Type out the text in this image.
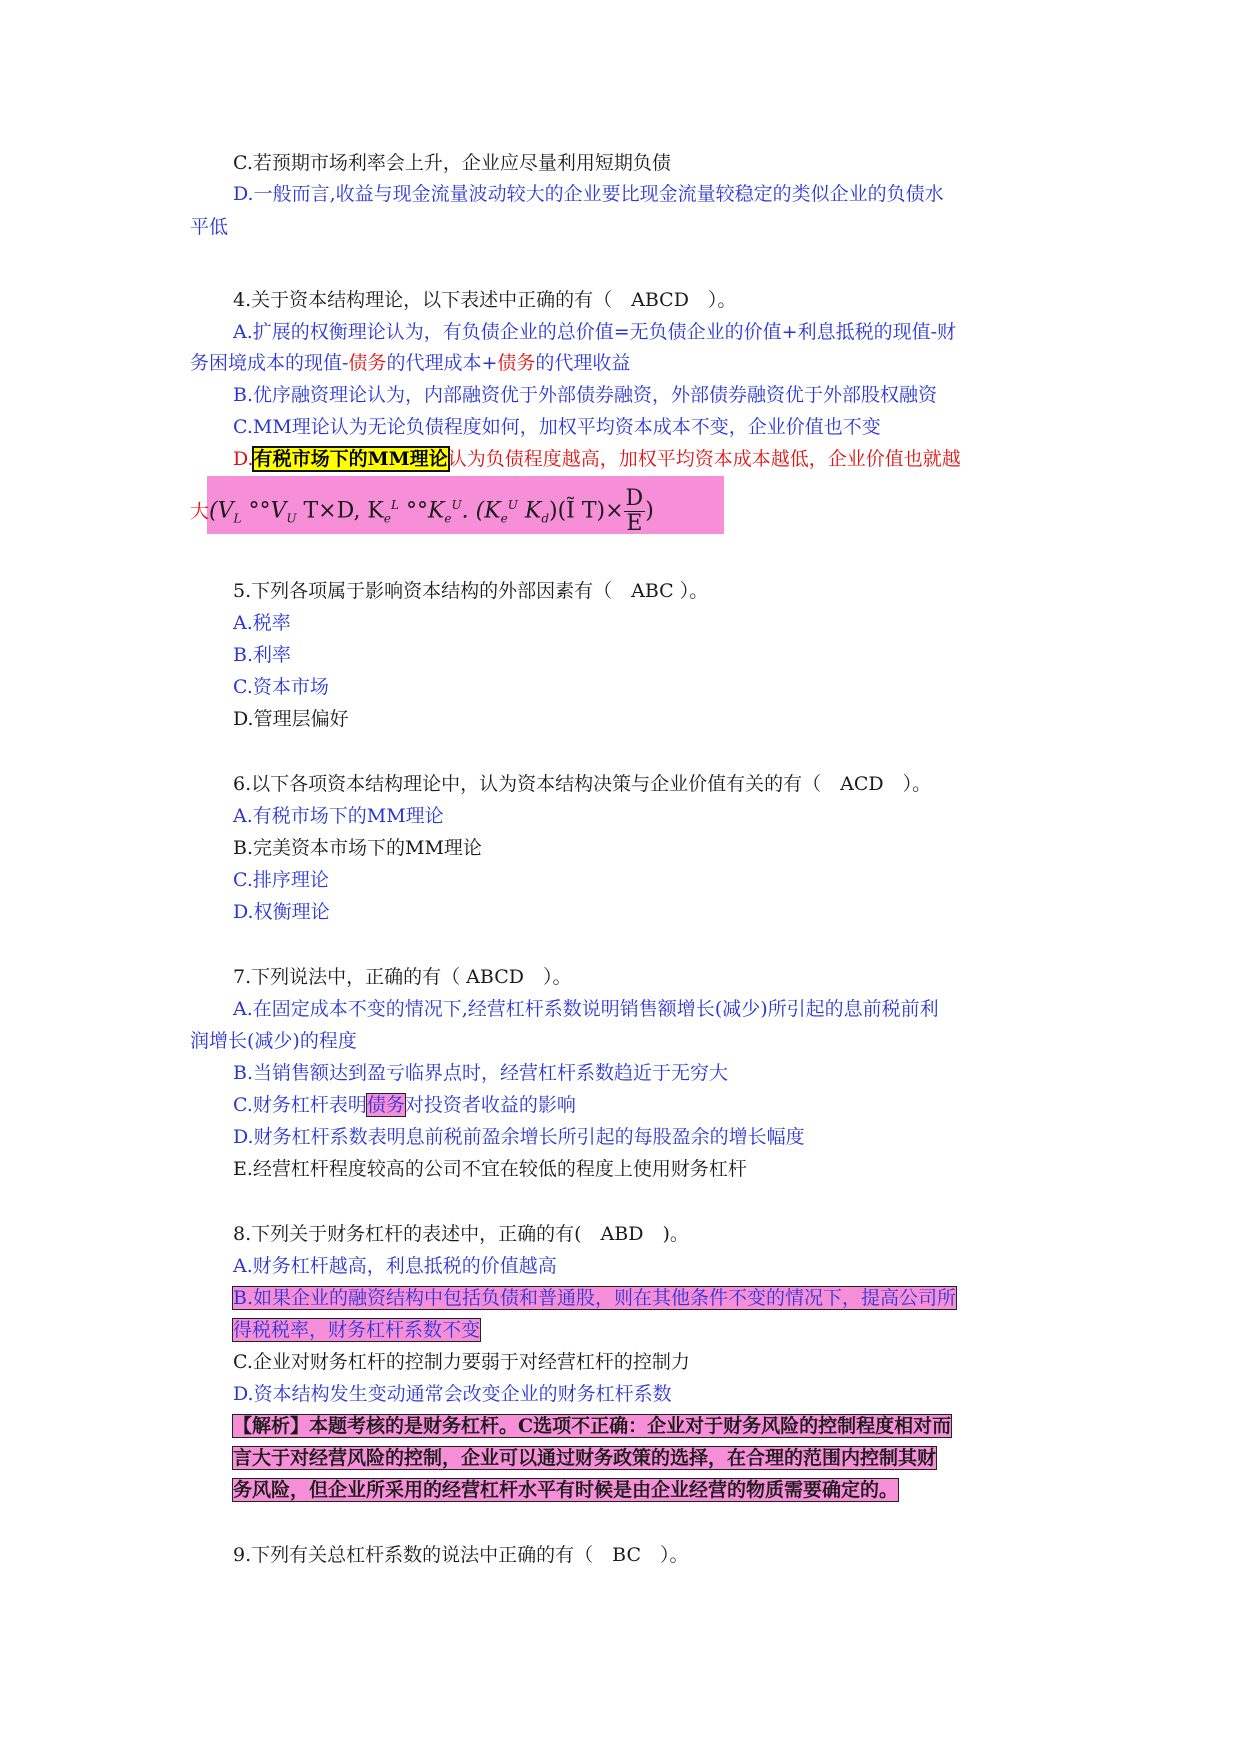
C.若预期市场利率会上升，企业应尽量利用短期负债
D.一般而言,收益与现金流量波动较大的企业要比现金流量较稳定的类似企业的负债水
平低
4.关于资本结构理论，以下表述中正确的有（　ABCD　）。
A.扩展的权衡理论认为，有负债企业的总价值=无负债企业的价值+利息抵税的现值-财
务困境成本的现值-债务的代理成本+债务的代理收益
B.优序融资理论认为，内部融资优于外部债券融资，外部债券融资优于外部股权融资
C.MM理论认为无论负债程度如何，加权平均资本成本不变，企业价值也不变
D.有税市场下的MM理论认为负债程度越高，加权平均资本成本越低，企业价值也就越
大($V_L$ $^\circ^\circ V_U$ T×D, $K_e^L$ $^\circ^\circ K_e^U$. ($K_e^U$ $K_d)(Ĩ$ $T)\times \frac{D}{E}$ )
5.下列各项属于影响资本结构的外部因素有（　ABC ）。
A.税率
B.利率
C.资本市场
D.管理层偏好
6.以下各项资本结构理论中，认为资本结构决策与企业价值有关的有（　ACD　）。
A.有税市场下的MM理论
B.完美资本市场下的MM理论
C.排序理论
D.权衡理论
7.下列说法中，正确的有（ ABCD　）。
A.在固定成本不变的情况下,经营杠杆系数说明销售额增长(减少)所引起的息前税前利
润增长(减少)的程度
B.当销售额达到盈亏临界点时，经营杠杆系数趋近于无穷大
C.财务杠杆表明债务对投资者收益的影响
D.财务杠杆系数表明息前税前盈余增长所引起的每股盈余的增长幅度
E.经营杠杆程度较高的公司不宜在较低的程度上使用财务杠杆
8.下列关于财务杠杆的表述中，正确的有(　ABD　)。
A.财务杠杆越高，利息抵税的价值越高
B.如果企业的融资结构中包括负债和普通股，则在其他条件不变的情况下，提高公司所
得税税率，财务杠杆系数不变
C.企业对财务杠杆的控制力要弱于对经营杠杆的控制力
D.资本结构发生变动通常会改变企业的财务杠杆系数
【解析】本题考核的是财务杠杆。C选项不正确：企业对于财务风险的控制程度相对而
言大于对经营风险的控制，企业可以通过财务政策的选择，在合理的范围内控制其财
务风险，但企业所采用的经营杠杆水平有时候是由企业经营的物质需要确定的。
9.下列有关总杠杆系数的说法中正确的有（　BC　）。
